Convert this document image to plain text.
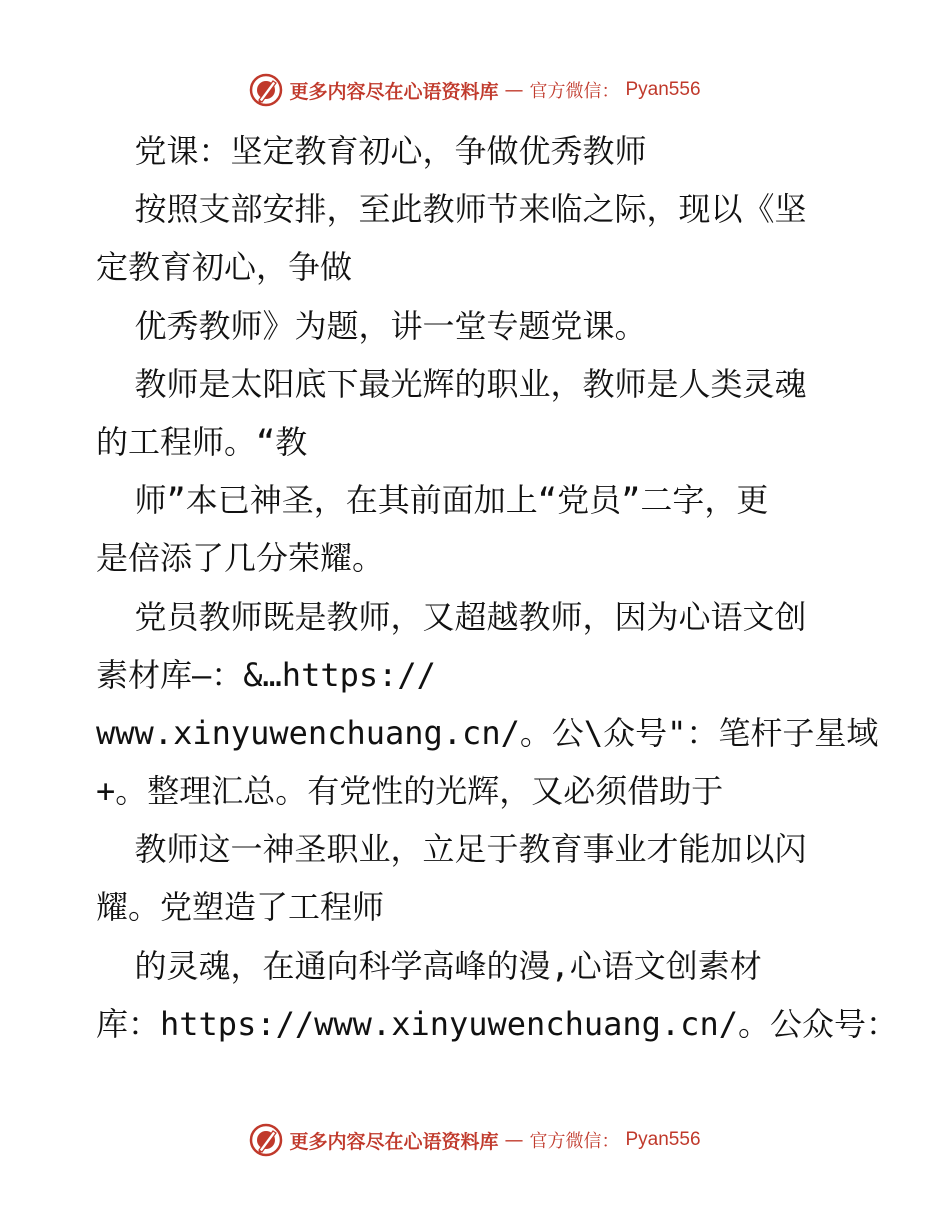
更多内容尽在心语资料库 — 官方微信： Pyan556
党课：坚定教育初心，争做优秀教师
按照支部安排，至此教师节来临之际，现以《坚
定教育初心，争做
优秀教师》为题，讲一堂专题党课。
教师是太阳底下最光辉的职业，教师是人类灵魂
的工程师。“教
师”本已神圣，在其前面加上“党员”二字，更
是倍添了几分荣耀。
党员教师既是教师，又超越教师，因为心语文创
素材库—：&…https://
www.xinyuwenchuang.cn/。公\众号"：笔杆子星域
+。整理汇总。有党性的光辉，又必须借助于
教师这一神圣职业，立足于教育事业才能加以闪
耀。党塑造了工程师
的灵魂，在通向科学高峰的漫,心语文创素材
库：https://www.xinyuwenchuang.cn/。公众号：
更多内容尽在心语资料库 — 官方微信： Pyan556
